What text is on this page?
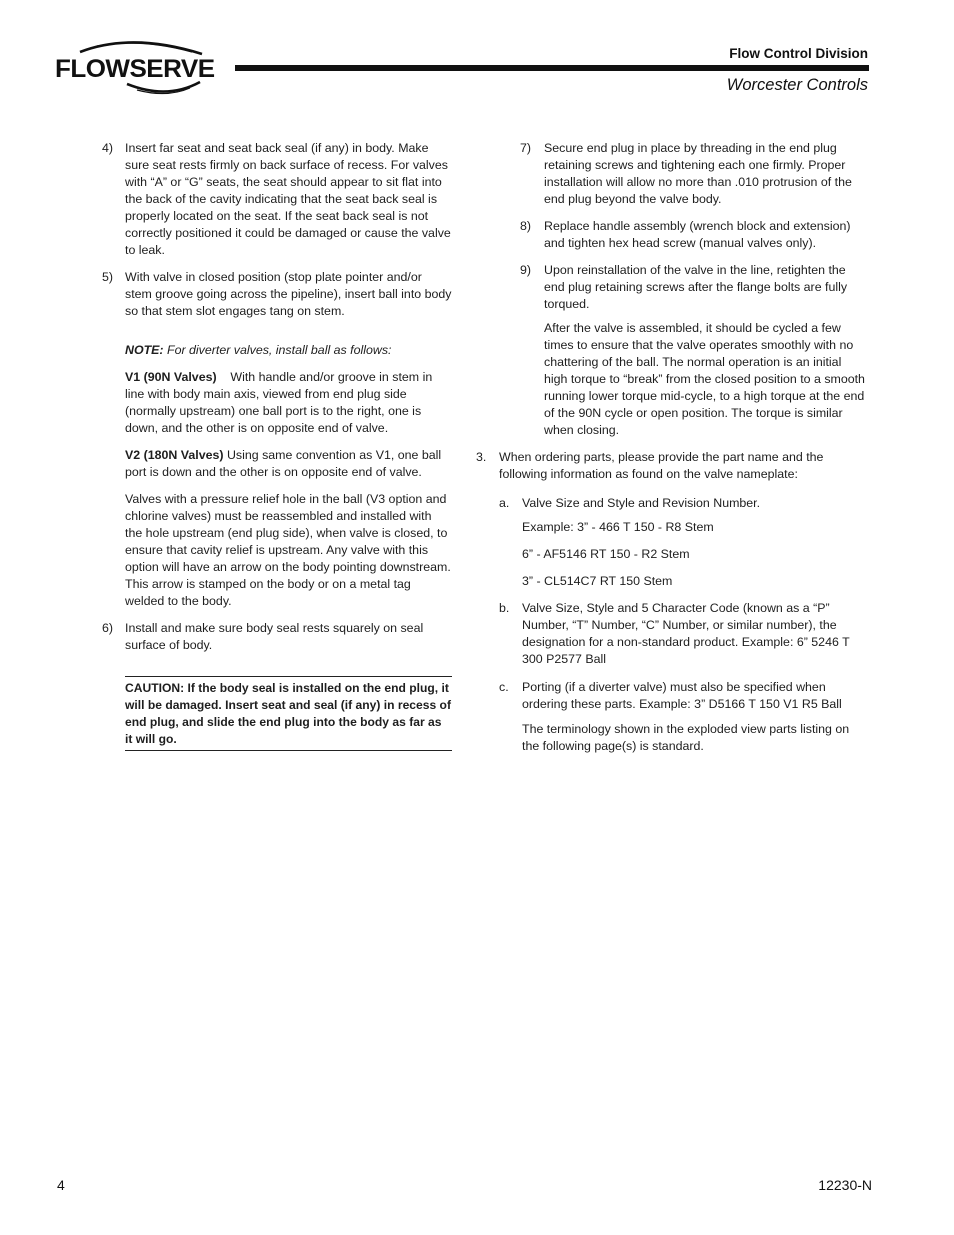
FLOWSERVE
Flow Control Division
Worcester Controls
4) Insert far seat and seat back seal (if any) in body. Make sure seat rests firmly on back surface of recess. For valves with “A” or “G” seats, the seat should appear to sit flat into the back of the cavity indicating that the seat back seal is properly located on the seat. If the seat back seal is not correctly positioned it could be damaged or cause the valve to leak.
5) With valve in closed position (stop plate pointer and/or stem groove going across the pipeline), insert ball into body so that stem slot engages tang on stem.
NOTE: For diverter valves, install ball as follows:
V1 (90N Valves) With handle and/or groove in stem in line with body main axis, viewed from end plug side (normally upstream) one ball port is to the right, one is down, and the other is on opposite end of valve.
V2 (180N Valves) Using same convention as V1, one ball port is down and the other is on opposite end of valve.
Valves with a pressure relief hole in the ball (V3 option and chlorine valves) must be reassembled and installed with the hole upstream (end plug side), when valve is closed, to ensure that cavity relief is upstream. Any valve with this option will have an arrow on the body pointing downstream. This arrow is stamped on the body or on a metal tag welded to the body.
6) Install and make sure body seal rests squarely on seal surface of body.
CAUTION: If the body seal is installed on the end plug, it will be damaged. Insert seat and seal (if any) in recess of end plug, and slide the end plug into the body as far as it will go.
7) Secure end plug in place by threading in the end plug retaining screws and tightening each one firmly. Proper installation will allow no more than .010 protrusion of the end plug beyond the valve body.
8) Replace handle assembly (wrench block and extension) and tighten hex head screw (manual valves only).
9) Upon reinstallation of the valve in the line, retighten the end plug retaining screws after the flange bolts are fully torqued.
After the valve is assembled, it should be cycled a few times to ensure that the valve operates smoothly with no chattering of the ball. The normal operation is an initial high torque to “break” from the closed position to a smooth running lower torque mid-cycle, to a high torque at the end of the 90N cycle or open position. The torque is similar when closing.
3. When ordering parts, please provide the part name and the following information as found on the valve nameplate:
a. Valve Size and Style and Revision Number.
Example: 3” - 466 T 150 - R8 Stem
6” - AF5146 RT 150 - R2 Stem
3” - CL514C7 RT 150 Stem
b. Valve Size, Style and 5 Character Code (known as a “P” Number, “T” Number, “C” Number, or similar number), the designation for a non-standard product. Example: 6” 5246 T 300 P2577 Ball
c. Porting (if a diverter valve) must also be specified when ordering these parts. Example: 3” D5166 T 150 V1 R5 Ball
The terminology shown in the exploded view parts listing on the following page(s) is standard.
4	12230-N
